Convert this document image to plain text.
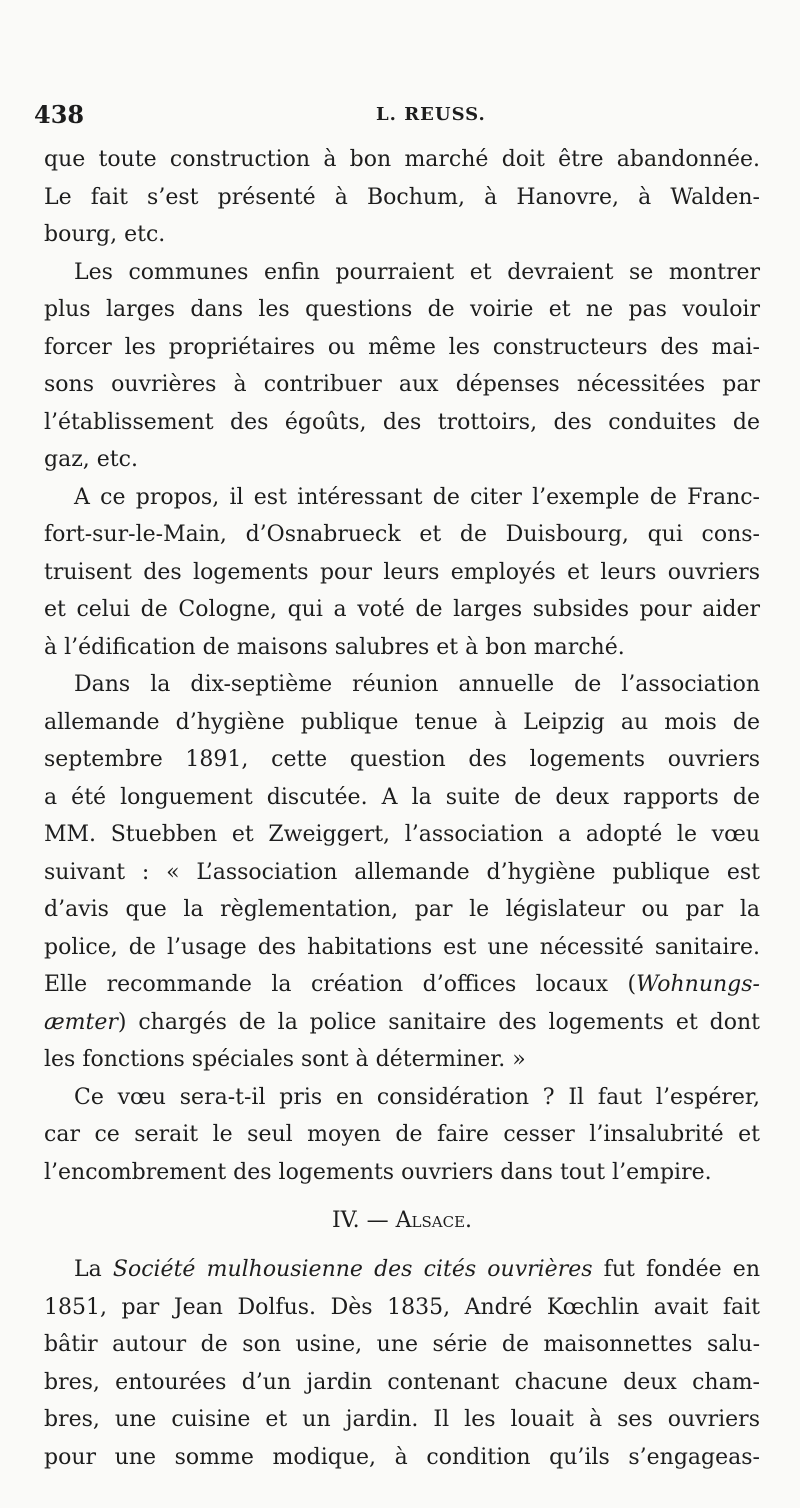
438	L. REUSS.
que toute construction à bon marché doit être abandonnée.
Le fait s’est présenté à Bochum, à Hanovre, à Walden-
bourg, etc.
Les communes enfin pourraient et devraient se montrer
plus larges dans les questions de voirie et ne pas vouloir
forcer les propriétaires ou même les constructeurs des mai-
sons ouvrières à contribuer aux dépenses nécessitées par
l’établissement des égoûts, des trottoirs, des conduites de
gaz, etc.
A ce propos, il est intéressant de citer l’exemple de Franc-
fort-sur-le-Main, d’Osnabrueck et de Duisbourg, qui cons-
truisent des logements pour leurs employés et leurs ouvriers
et celui de Cologne, qui a voté de larges subsides pour aider
à l’édification de maisons salubres et à bon marché.
Dans la dix-septième réunion annuelle de l’association
allemande d’hygiène publique tenue à Leipzig au mois de
septembre 1891, cette question des logements ouvriers
a été longuement discutée. A la suite de deux rapports de
MM. Stuebben et Zweiggert, l’association a adopté le vœu
suivant : « L’association allemande d’hygiène publique est
d’avis que la règlementation, par le législateur ou par la
police, de l’usage des habitations est une nécessité sanitaire.
Elle recommande la création d’offices locaux (Wohnungs-
æmter) chargés de la police sanitaire des logements et dont
les fonctions spéciales sont à déterminer. »
Ce vœu sera-t-il pris en considération ? Il faut l’espérer,
car ce serait le seul moyen de faire cesser l’insalubrité et
l’encombrement des logements ouvriers dans tout l’empire.
IV. — Alsace.
La Société mulhousienne des cités ouvrières fut fondée en
1851, par Jean Dolfus. Dès 1835, André Kœchlin avait fait
bâtir autour de son usine, une série de maisonnettes salu-
bres, entourées d’un jardin contenant chacune deux cham-
bres, une cuisine et un jardin. Il les louait à ses ouvriers
pour une somme modique, à condition qu’ils s’engageas-
